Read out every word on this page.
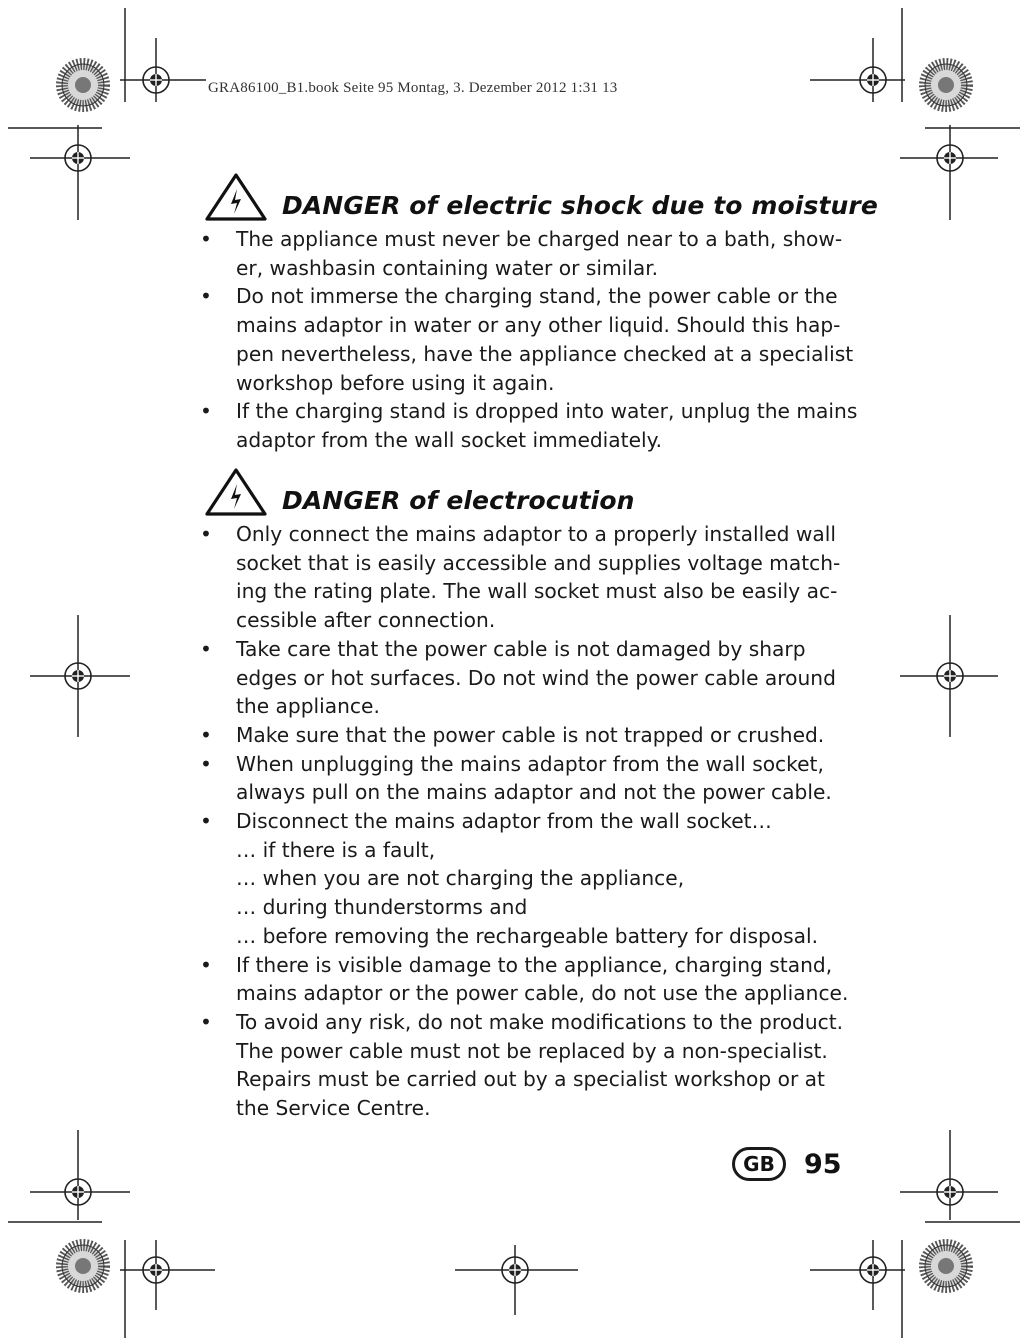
GRA86100_B1.book Seite 95 Montag, 3. Dezember 2012 1:31 13
DANGER of electric shock due to moisture
•	The appliance must never be charged near to a bath, show-
er, washbasin containing water or similar.
•	Do not immerse the charging stand, the power cable or the
mains adaptor in water or any other liquid. Should this hap-
pen nevertheless, have the appliance checked at a specialist
workshop before using it again.
•	If the charging stand is dropped into water, unplug the mains
adaptor from the wall socket immediately.
DANGER of electrocution
•	Only connect the mains adaptor to a properly installed wall
socket that is easily accessible and supplies voltage match-
ing the rating plate. The wall socket must also be easily ac-
cessible after connection.
•	Take care that the power cable is not damaged by sharp
edges or hot surfaces. Do not wind the power cable around
the appliance.
•	Make sure that the power cable is not trapped or crushed.
•	When unplugging the mains adaptor from the wall socket,
always pull on the mains adaptor and not the power cable.
•	Disconnect the mains adaptor from the wall socket…
… if there is a fault,
… when you are not charging the appliance,
… during thunderstorms and
… before removing the rechargeable battery for disposal.
•	If there is visible damage to the appliance, charging stand,
mains adaptor or the power cable, do not use the appliance.
•	To avoid any risk, do not make modifications to the product.
The power cable must not be replaced by a non-specialist.
Repairs must be carried out by a specialist workshop or at
the Service Centre.
GB	95
